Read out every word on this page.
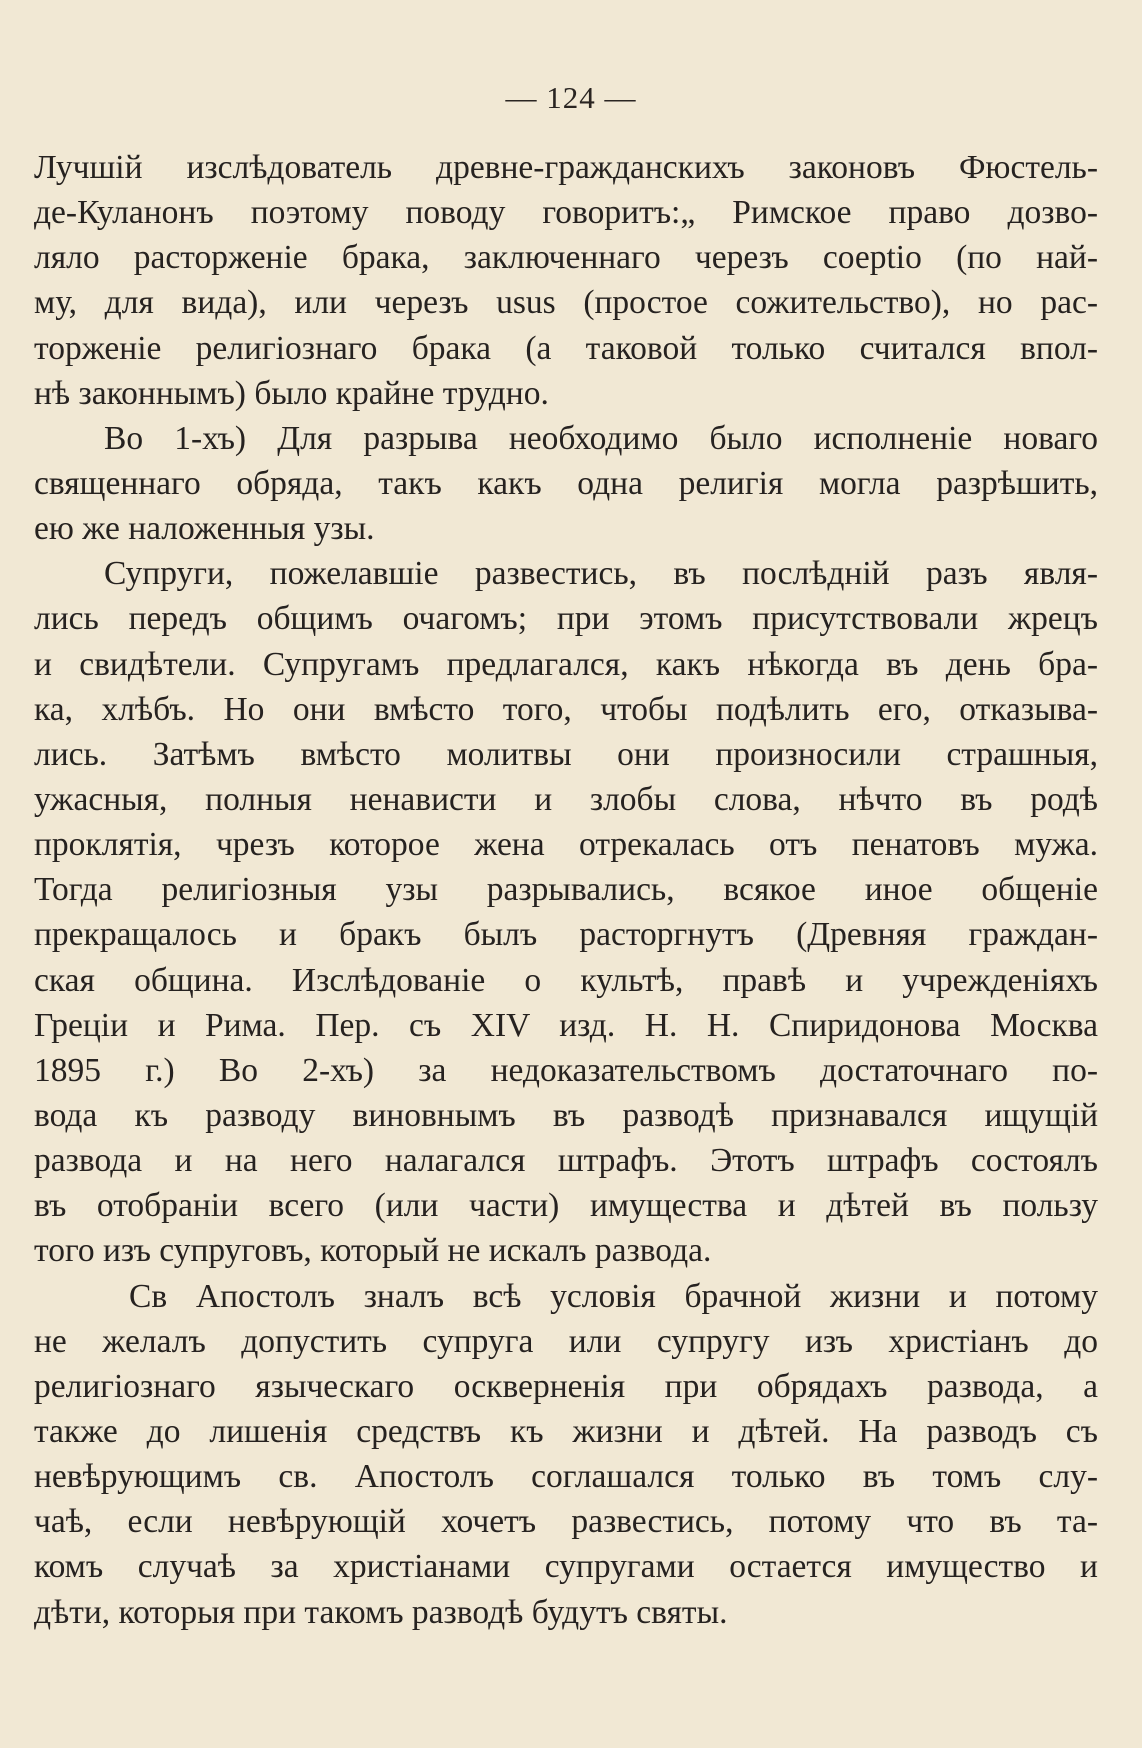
— 124 —
Лучшій изслѣдователь древне-гражданскихъ законовъ Фюстель-
де-Куланонъ поэтому поводу говоритъ:„ Римское право дозво-
ляло расторженіе брака, заключеннаго черезъ соерtio (по най-
му, для вида), или черезъ usus (простое сожительство), но рас-
торженіе религіознаго брака (а таковой только считался впол-
нѣ законнымъ) было крайне трудно.
Во 1-хъ) Для разрыва необходимо было исполненіе новаго
священнаго обряда, такъ какъ одна религія могла разрѣшить,
ею же наложенныя узы.
Супруги, пожелавшіе развестись, въ послѣдній разъ явля-
лись передъ общимъ очагомъ; при этомъ присутствовали жрецъ
и свидѣтели. Супругамъ предлагался, какъ нѣкогда въ день бра-
ка, хлѣбъ. Но они вмѣсто того, чтобы подѣлить его, отказыва-
лись. Затѣмъ вмѣсто молитвы они произносили страшныя,
ужасныя, полныя ненависти и злобы слова, нѣчто въ родѣ
проклятія, чрезъ которое жена отрекалась отъ пенатовъ мужа.
Тогда религіозныя узы разрывались, всякое иное общеніе
прекращалось и бракъ былъ расторгнутъ (Древняя граждан-
ская община. Изслѣдованіе о культѣ, правѣ и учрежденіяхъ
Греціи и Рима. Пер. съ XIV изд. Н. Н. Спиридонова Москва
1895 г.) Во 2-хъ) за недоказательствомъ достаточнаго по-
вода къ разводу виновнымъ въ разводѣ признавался ищущій
развода и на него налагался штрафъ. Этотъ штрафъ состоялъ
въ отобраніи всего (или части) имущества и дѣтей въ пользу
того изъ супруговъ, который не искалъ развода.
Св Апостолъ зналъ всѣ условія брачной жизни и потому
не желалъ допустить супруга или супругу изъ христіанъ до
религіознаго языческаго оскверненія при обрядахъ развода, а
также до лишенія средствъ къ жизни и дѣтей. На разводъ съ
невѣрующимъ св. Апостолъ соглашался только въ томъ слу-
чаѣ, если невѣрующій хочетъ развестись, потому что въ та-
комъ случаѣ за христіанами супругами остается имущество и
дѣти, которыя при такомъ разводѣ будутъ святы.
